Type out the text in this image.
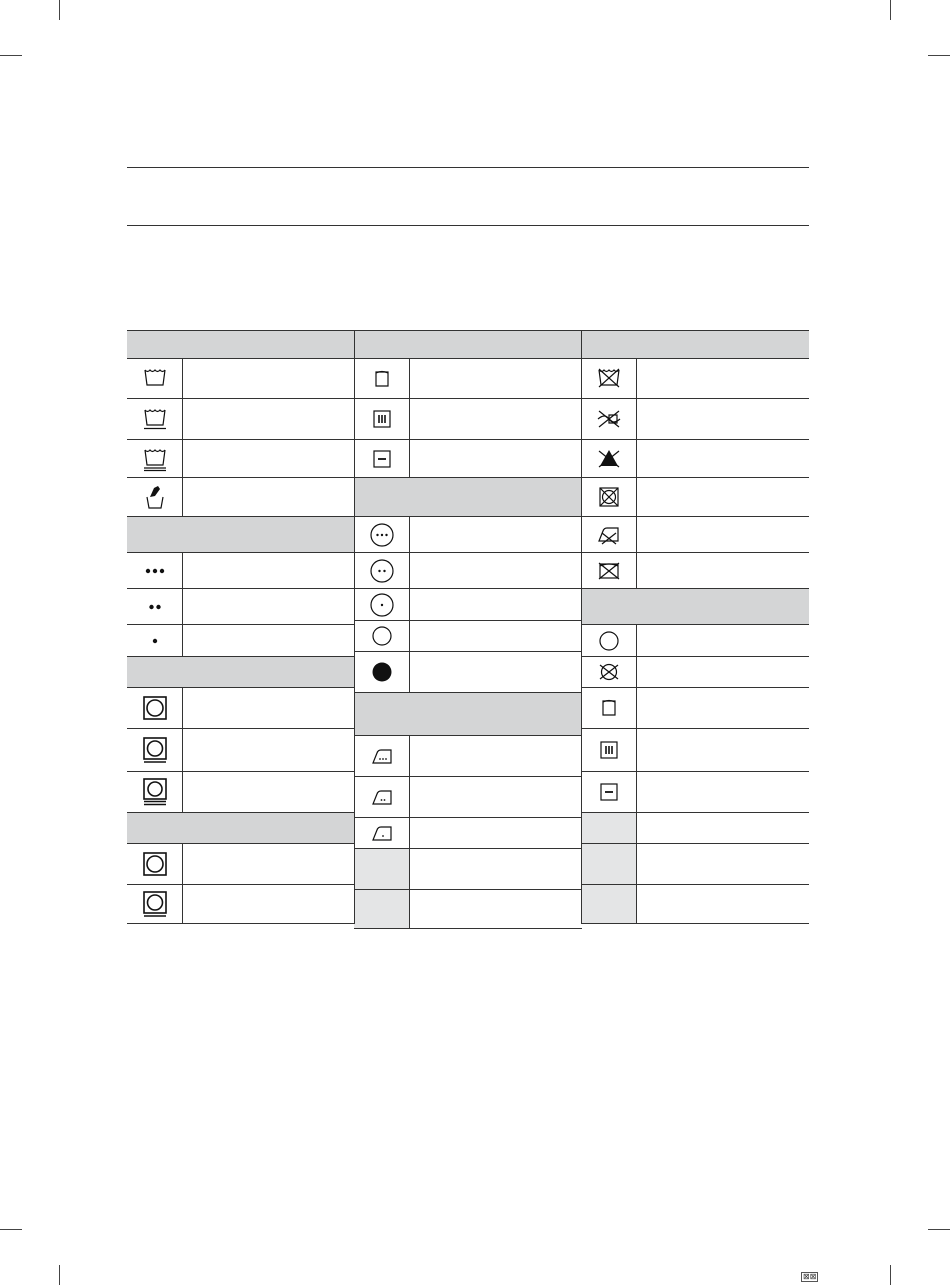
⊠⊠
